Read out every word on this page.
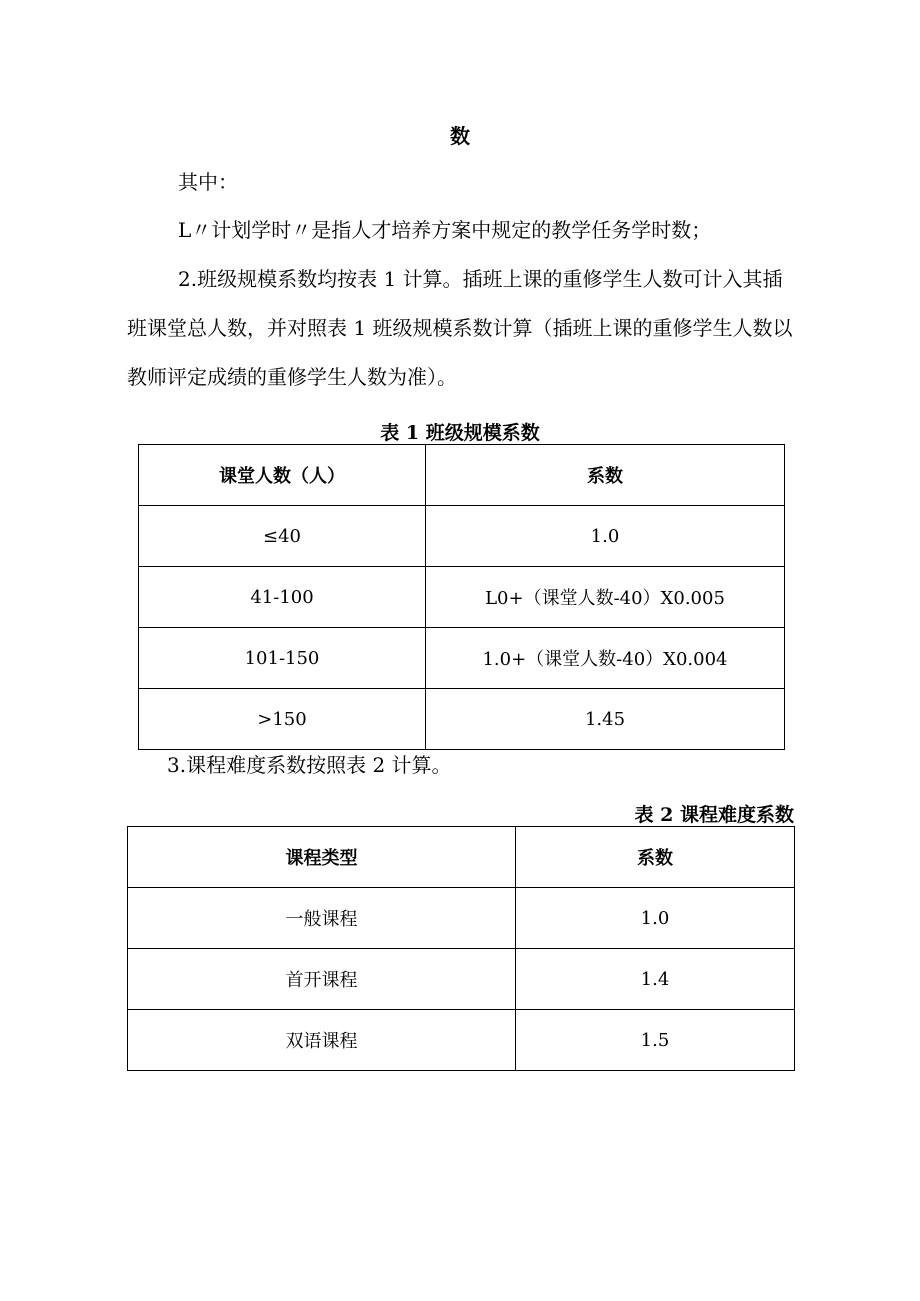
数
其中：
L〃计划学时〃是指人才培养方案中规定的教学任务学时数；
2.班级规模系数均按表 1 计算。插班上课的重修学生人数可计入其插
班课堂总人数，并对照表 1 班级规模系数计算（插班上课的重修学生人数以
教师评定成绩的重修学生人数为准）。
表 1 班级规模系数
课堂人数（人）	系数
≤40	1.0
41-100	L0+（课堂人数-40）X0.005
101-150	1.0+（课堂人数-40）X0.004
>150	1.45
3.课程难度系数按照表 2 计算。
表 2 课程难度系数
课程类型	系数
一般课程	1.0
首开课程	1.4
双语课程	1.5
